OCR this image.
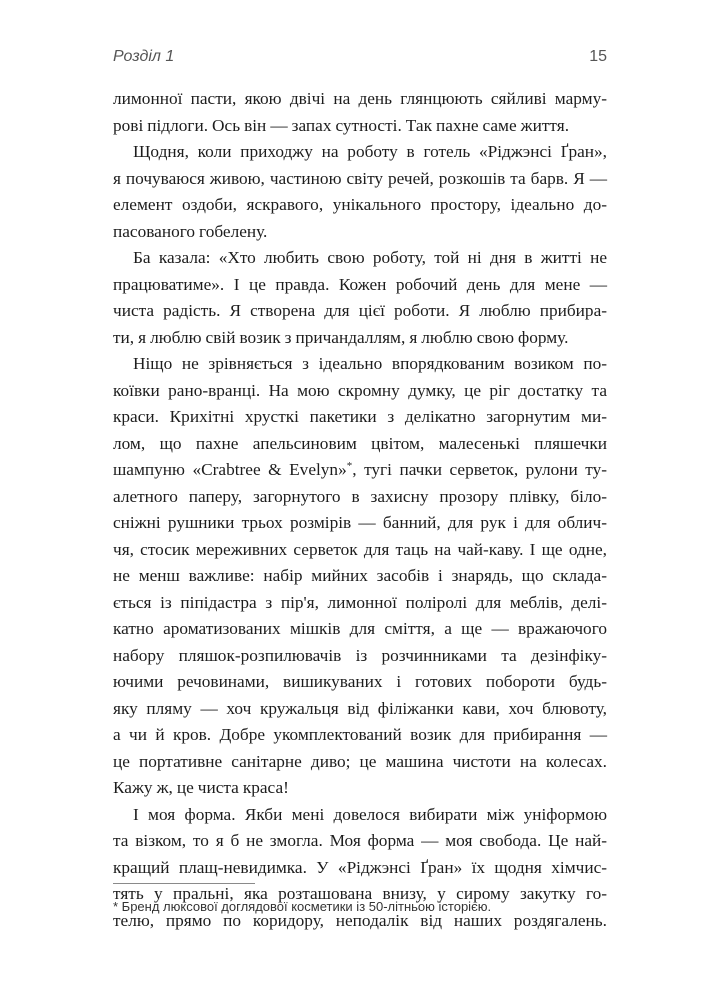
Розділ 1	15
лимонної пасти, якою двічі на день глянцюють сяйливі марму-
рові підлоги. Ось він — запах сутності. Так пахне саме життя.
Щодня, коли приходжу на роботу в готель «Ріджэнсі Ґран»,
я почуваюся живою, частиною світу речей, розкошів та барв. Я —
елемент оздоби, яскравого, унікального простору, ідеально до-
пасованого гобелену.
Ба казала: «Хто любить свою роботу, той ні дня в житті не
працюватиме». І це правда. Кожен робочий день для мене —
чиста радість. Я створена для цієї роботи. Я люблю прибира-
ти, я люблю свій возик з причандаллям, я люблю свою форму.
Ніщо не зрівняється з ідеально впорядкованим возиком по-
коївки рано-вранці. На мою скромну думку, це ріг достатку та
краси. Крихітні хрусткі пакетики з делікатно загорнутим ми-
лом, що пахне апельсиновим цвітом, малесенькі пляшечки
шампуню «Crabtree & Evelyn»*, тугі пачки серветок, рулони ту-
алетного паперу, загорнутого в захисну прозору плівку, біло-
сніжні рушники трьох розмірів — банний, для рук і для облич-
чя, стосик мереживних серветок для таць на чай-каву. І ще одне,
не менш важливе: набір мийних засобів і знарядь, що склада-
ється із піпідастра з пір'я, лимонної поліролі для меблів, делі-
катно ароматизованих мішків для сміття, а ще — вражаючого
набору пляшок-розпилювачів із розчинниками та дезінфіку-
ючими речовинами, вишикуваних і готових побороти будь-
яку пляму — хоч кружальця від філіжанки кави, хоч блювоту,
а чи й кров. Добре укомплектований возик для прибирання —
це портативне санітарне диво; це машина чистоти на колесах.
Кажу ж, це чиста краса!
І моя форма. Якби мені довелося вибирати між уніформою
та візком, то я б не змогла. Моя форма — моя свобода. Це най-
кращий плащ-невидимка. У «Ріджэнсі Ґран» їх щодня хімчис-
тять у пральні, яка розташована внизу, у сирому закутку го-
телю, прямо по коридору, неподалік від наших роздягалень.
* Бренд люксової доглядової косметики із 50-літньою історією.
